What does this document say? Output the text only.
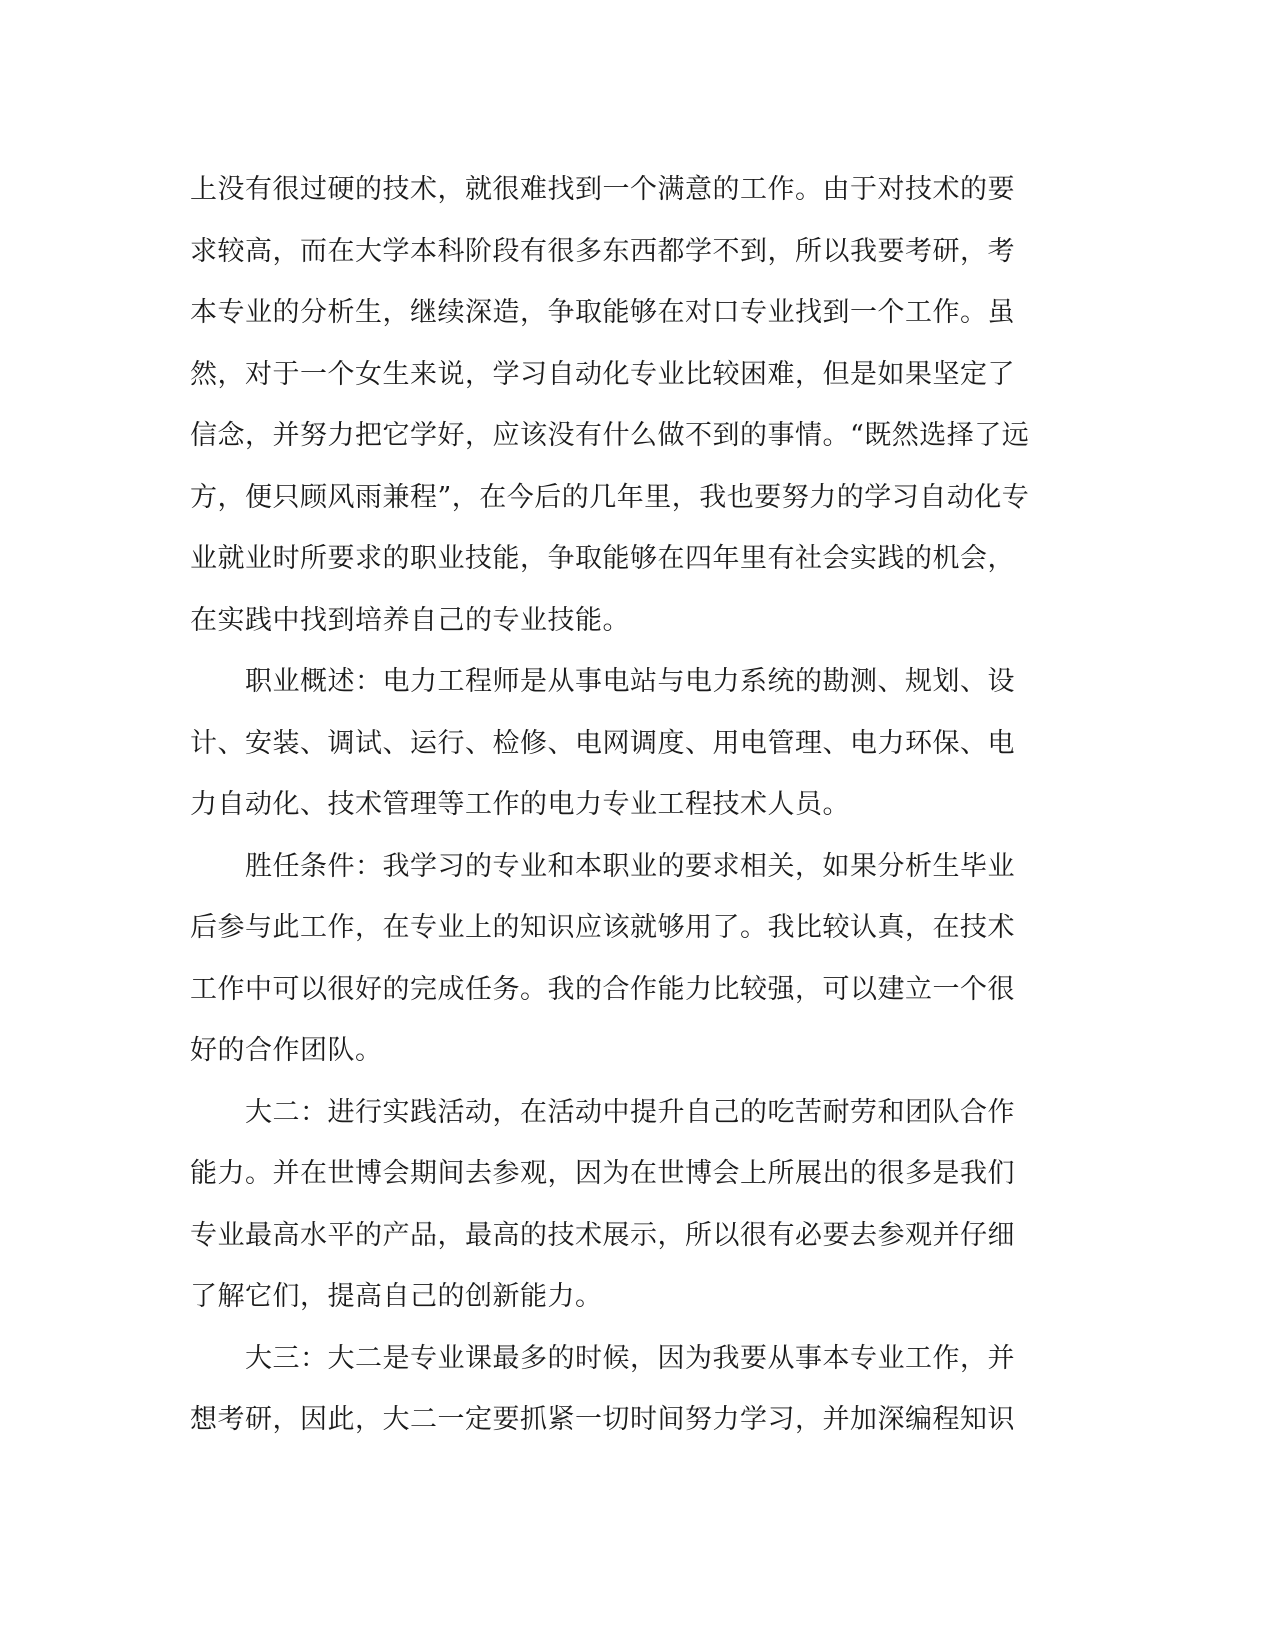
上没有很过硬的技术，就很难找到一个满意的工作。由于对技术的要
求较高，而在大学本科阶段有很多东西都学不到，所以我要考研，考
本专业的分析生，继续深造，争取能够在对口专业找到一个工作。虽
然，对于一个女生来说，学习自动化专业比较困难，但是如果坚定了
信念，并努力把它学好，应该没有什么做不到的事情。“既然选择了远
方，便只顾风雨兼程”，在今后的几年里，我也要努力的学习自动化专
业就业时所要求的职业技能，争取能够在四年里有社会实践的机会，
在实践中找到培养自己的专业技能。
　　职业概述：电力工程师是从事电站与电力系统的勘测、规划、设
计、安装、调试、运行、检修、电网调度、用电管理、电力环保、电
力自动化、技术管理等工作的电力专业工程技术人员。
　　胜任条件：我学习的专业和本职业的要求相关，如果分析生毕业
后参与此工作，在专业上的知识应该就够用了。我比较认真，在技术
工作中可以很好的完成任务。我的合作能力比较强，可以建立一个很
好的合作团队。
　　大二：进行实践活动，在活动中提升自己的吃苦耐劳和团队合作
能力。并在世博会期间去参观，因为在世博会上所展出的很多是我们
专业最高水平的产品，最高的技术展示，所以很有必要去参观并仔细
了解它们，提高自己的创新能力。
　　大三：大二是专业课最多的时候，因为我要从事本专业工作，并
想考研，因此，大二一定要抓紧一切时间努力学习，并加深编程知识
